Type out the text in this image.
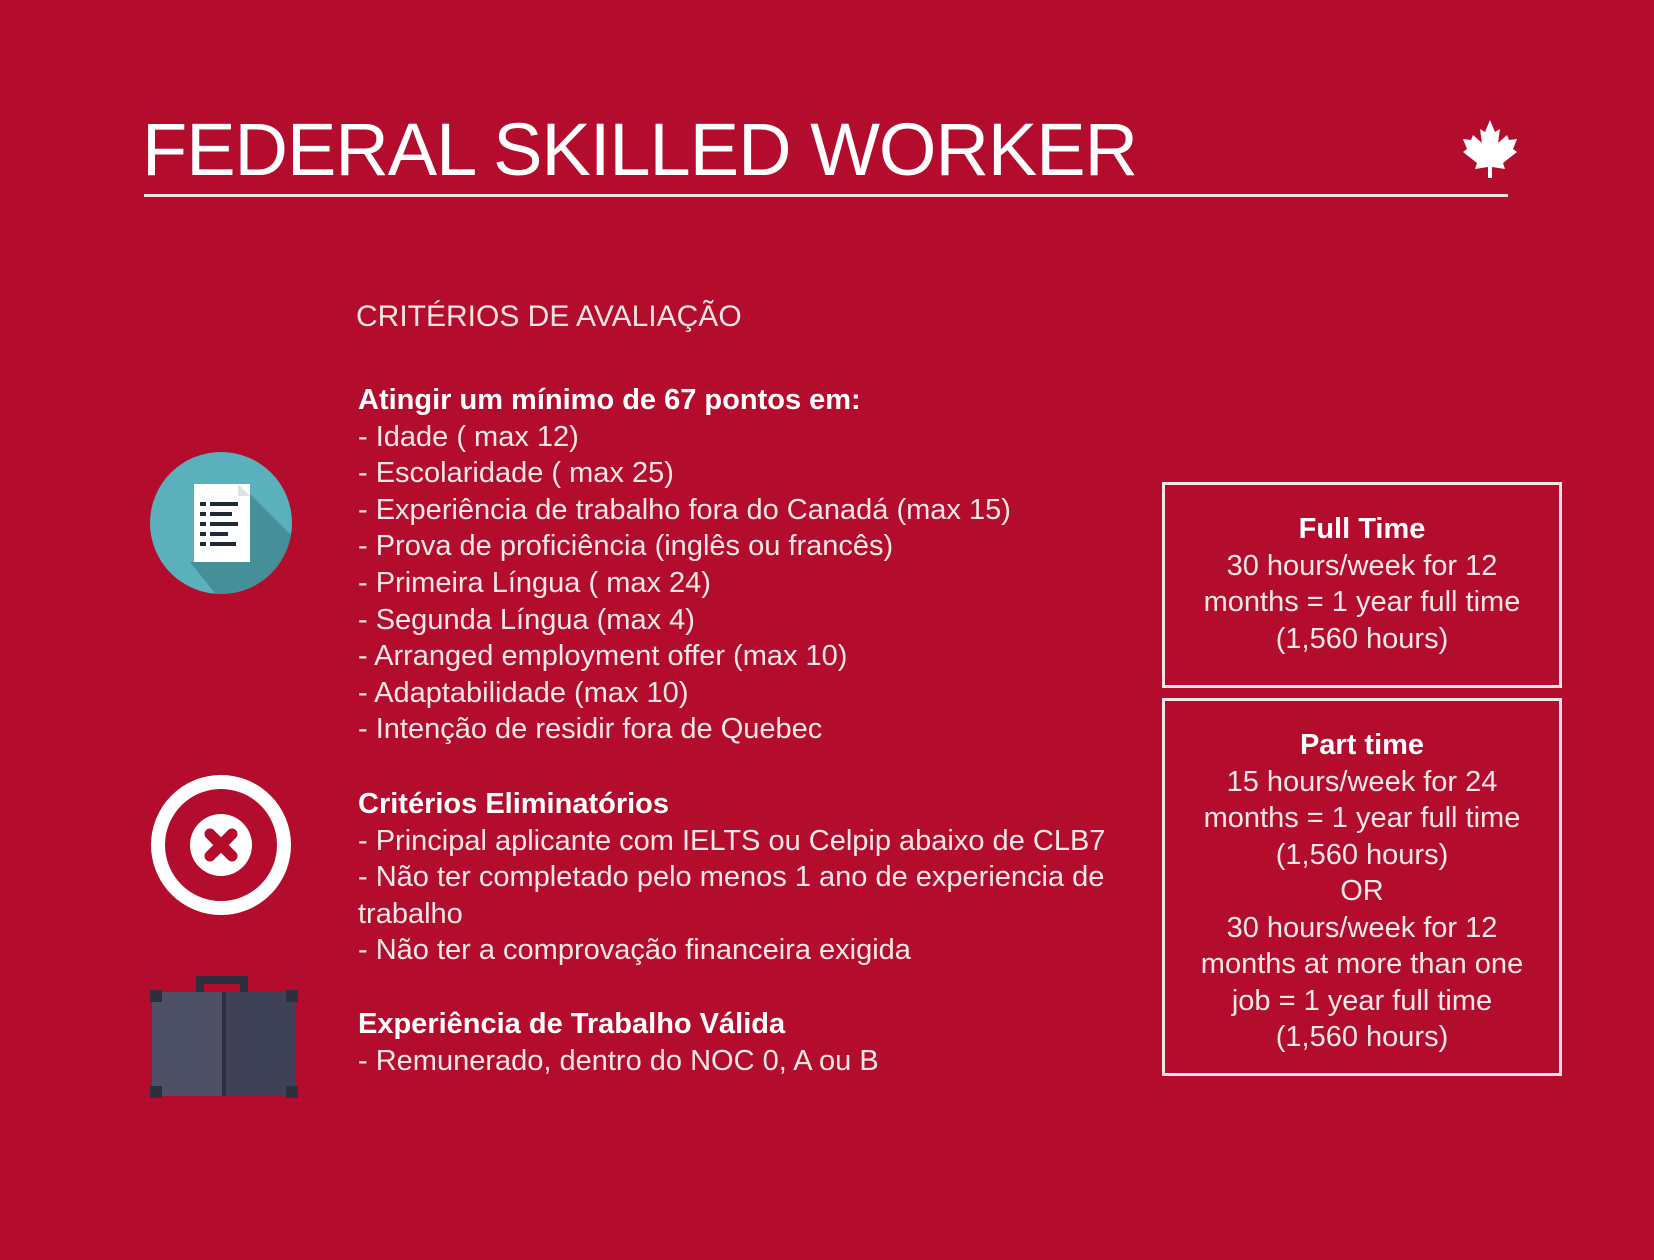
FEDERAL SKILLED WORKER
CRITÉRIOS DE AVALIAÇÃO
Atingir um mínimo de 67 pontos em:
- Idade ( max 12)
- Escolaridade ( max 25)
- Experiência de trabalho fora do Canadá (max 15)
- Prova de proficiência (inglês ou francês)
- Primeira Língua ( max 24)
- Segunda Língua (max 4)
- Arranged employment offer (max 10)
- Adaptabilidade (max 10)
- Intenção de residir fora de Quebec
Critérios Eliminatórios
- Principal aplicante com IELTS ou Celpip abaixo de CLB7
- Não ter completado pelo menos 1 ano de experiencia de trabalho
- Não ter a comprovação financeira exigida
Experiência de Trabalho Válida
- Remunerado, dentro do NOC 0, A ou B
Full Time
30 hours/week for 12
months = 1 year full time
(1,560 hours)
Part time
15 hours/week for 24
months = 1 year full time
(1,560 hours)
OR
30 hours/week for 12
months at more than one
job = 1 year full time
(1,560 hours)
